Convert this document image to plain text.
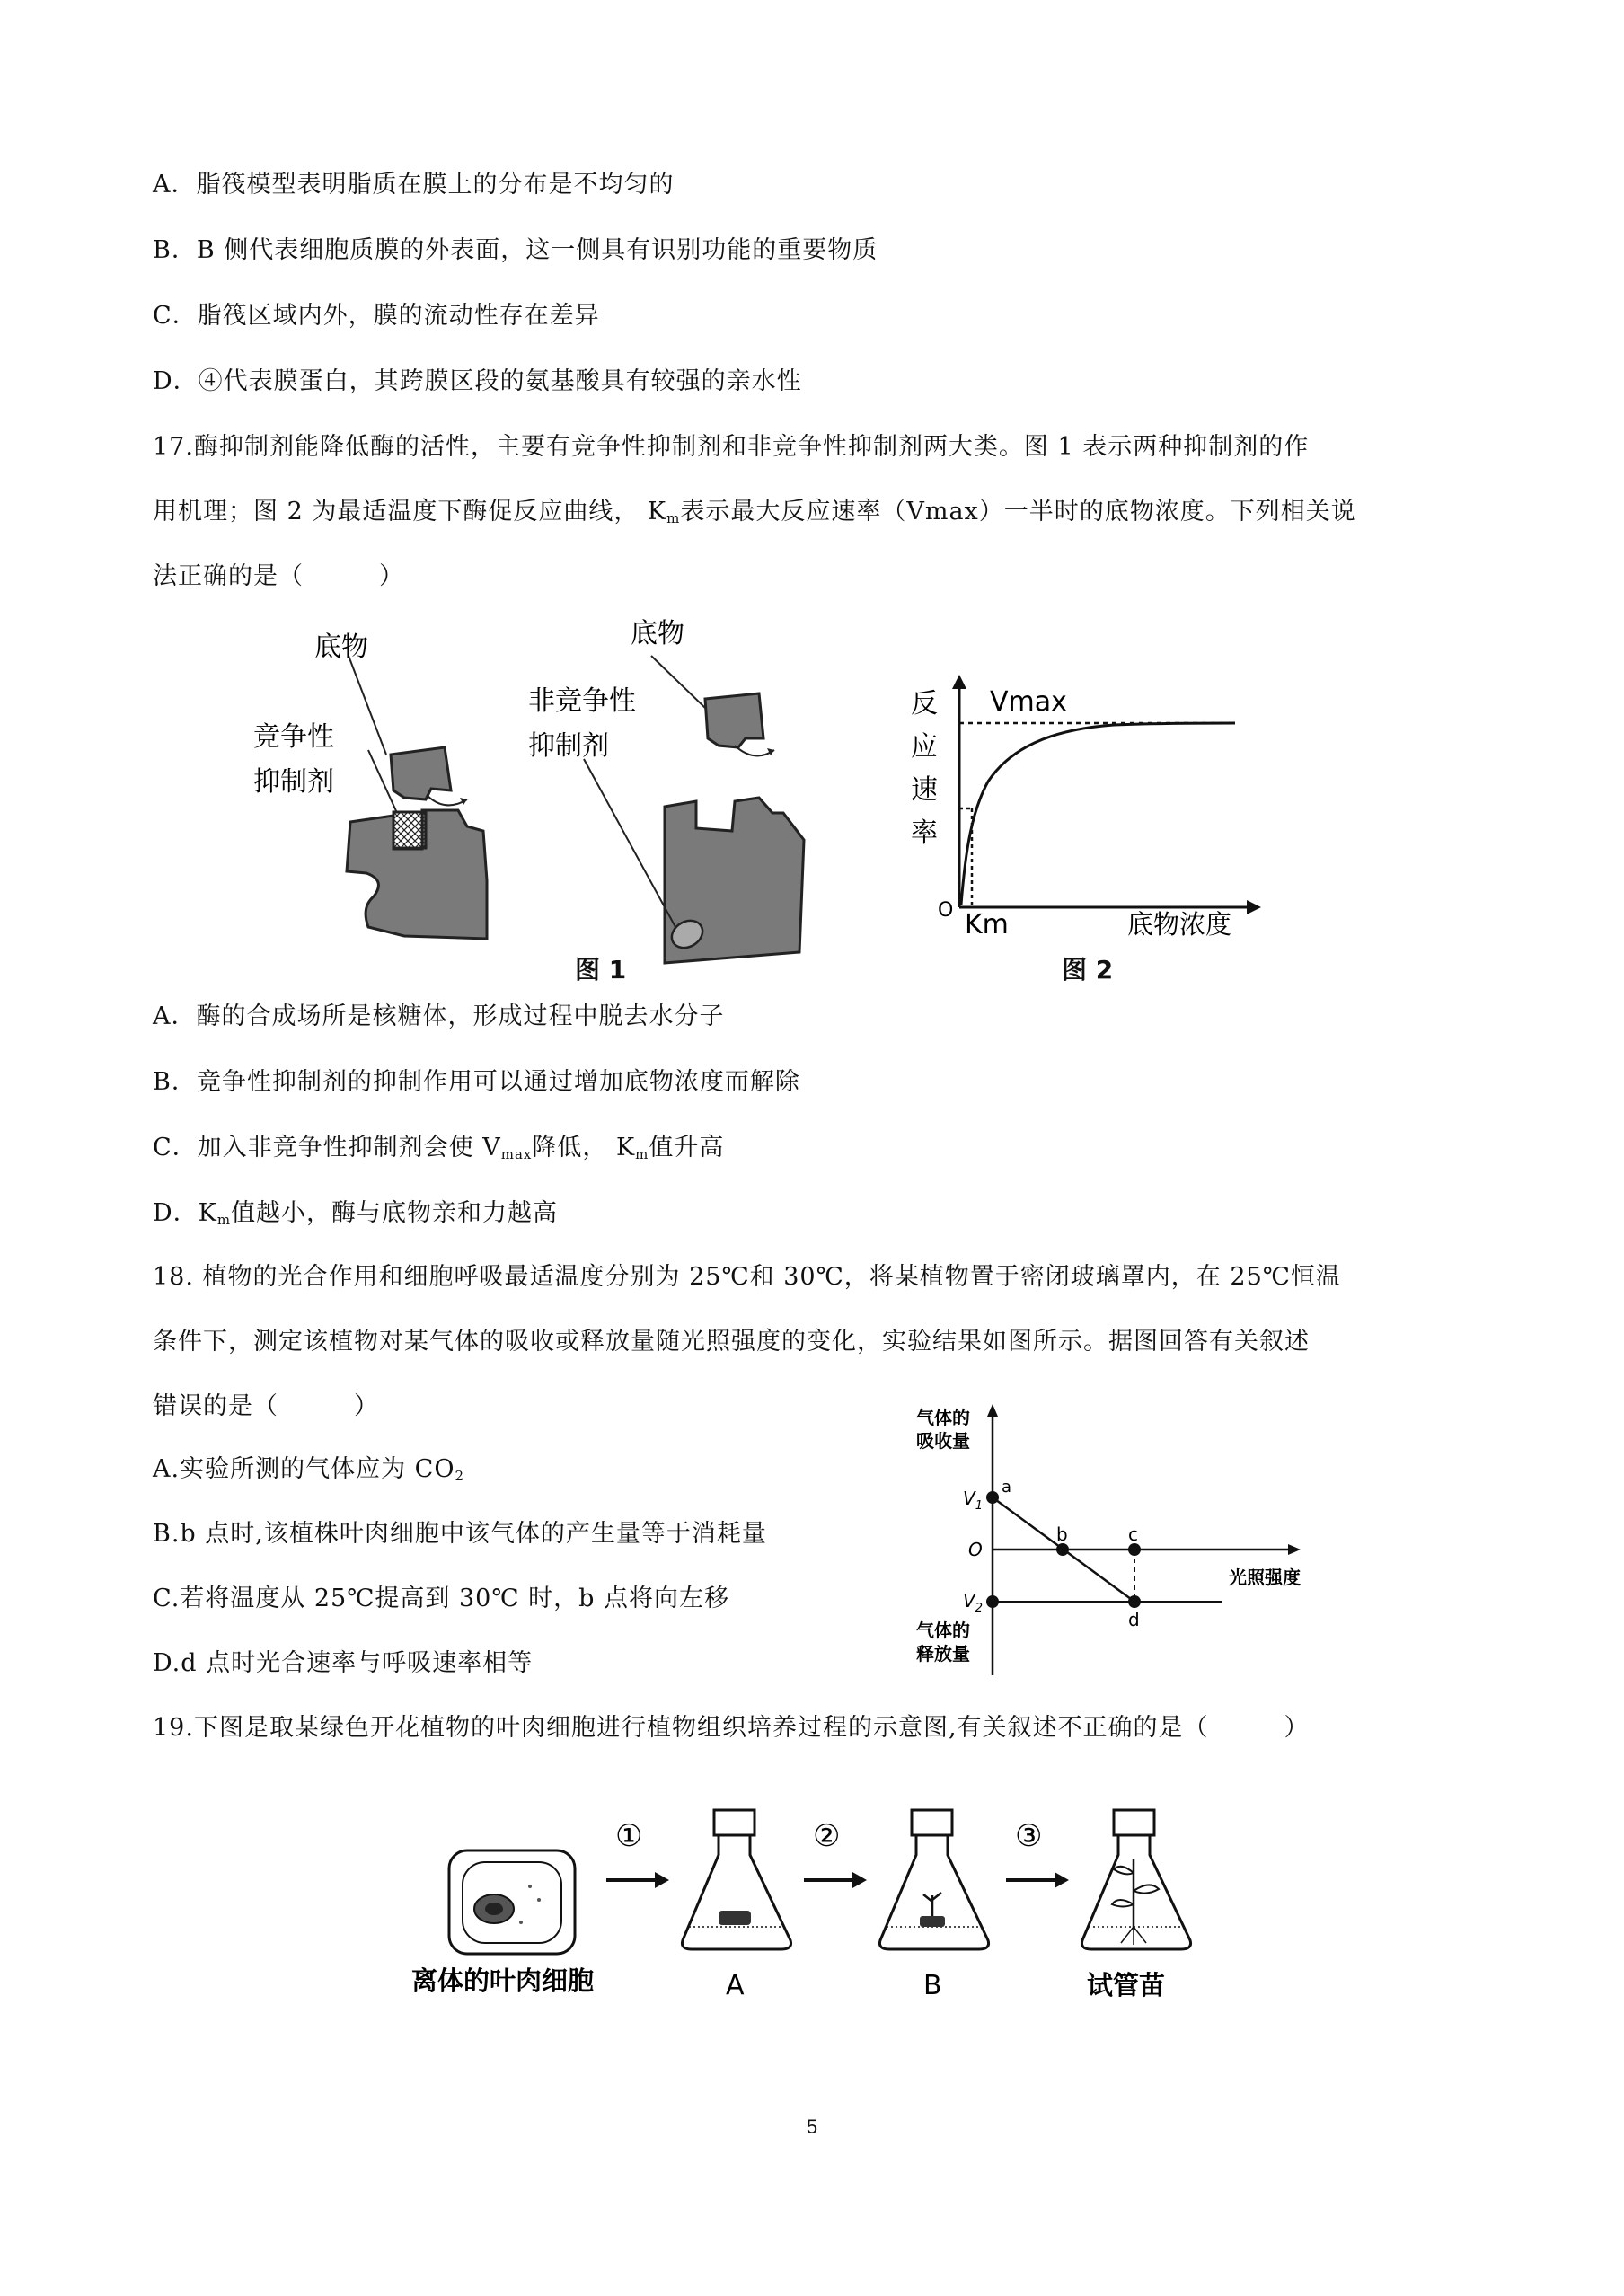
A．脂筏模型表明脂质在膜上的分布是不均匀的
B．B 侧代表细胞质膜的外表面，这一侧具有识别功能的重要物质
C．脂筏区域内外，膜的流动性存在差异
D．④代表膜蛋白，其跨膜区段的氨基酸具有较强的亲水性
17.酶抑制剂能降低酶的活性，主要有竞争性抑制剂和非竞争性抑制剂两大类。图 1 表示两种抑制剂的作
用机理；图 2 为最适温度下酶促反应曲线， $K_m$表示最大反应速率（Vmax）一半时的底物浓度。下列相关说
法正确的是（　　　）
底物
竞争性
抑制剂
底物
非竞争性
抑制剂
图 1
反
应
速
率
Vmax
O Km	底物浓度
图 2
A．酶的合成场所是核糖体，形成过程中脱去水分子
B．竞争性抑制剂的抑制作用可以通过增加底物浓度而解除
C．加入非竞争性抑制剂会使 $V_{max}$降低， $K_m$值升高
D．$K_m$值越小，酶与底物亲和力越高
18. 植物的光合作用和细胞呼吸最适温度分别为 25℃和 30℃，将某植物置于密闭玻璃罩内，在 25℃恒温
条件下，测定该植物对某气体的吸收或释放量随光照强度的变化，实验结果如图所示。据图回答有关叙述
错误的是（　　　）
A.实验所测的气体应为 $CO_2$
B.b 点时,该植株叶肉细胞中该气体的产生量等于消耗量
C.若将温度从 25℃提高到 30℃ 时，b 点将向左移
D.d 点时光合速率与呼吸速率相等
气体的
吸收量
气体的
释放量
$V_1$
$V_2$
O
a
b	c
d
光照强度
19.下图是取某绿色开花植物的叶肉细胞进行植物组织培养过程的示意图,有关叙述不正确的是（　　　）
离体的叶肉细胞
①
A
②
B
③
试管苗
5
